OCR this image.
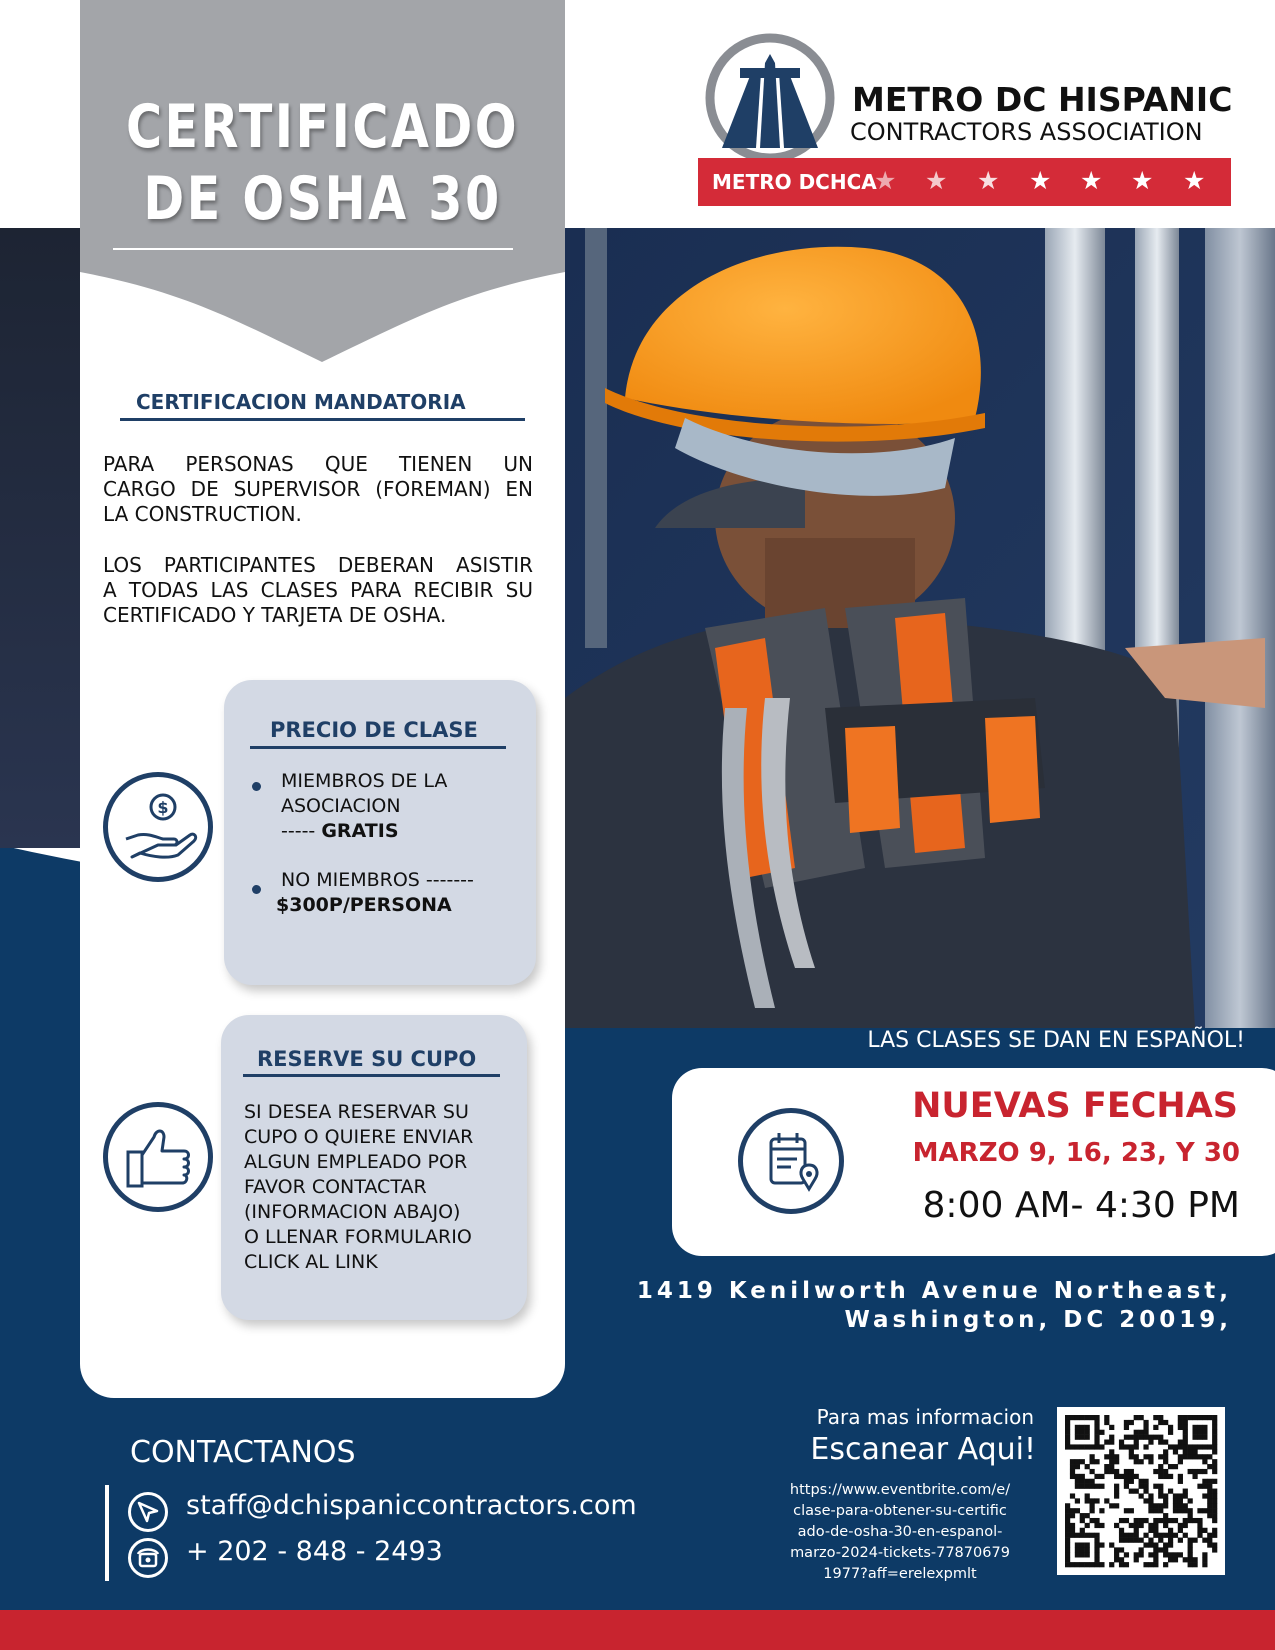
CERTIFICADO
DE OSHA 30
CERTIFICACION MANDATORIA
PARA PERSONAS QUE TIENEN UN
CARGO DE SUPERVISOR (FOREMAN) EN
LA CONSTRUCTION.
LOS PARTICIPANTES DEBERAN ASISTIR
A TODAS LAS CLASES PARA RECIBIR SU
CERTIFICADO Y TARJETA DE OSHA.
PRECIO DE CLASE
MIEMBROS DE LA
ASOCIACION
----- GRATIS
NO MIEMBROS -------
$300P/PERSONA
$
RESERVE SU CUPO
SI DESEA RESERVAR SU
CUPO O QUIERE ENVIAR
ALGUN EMPLEADO POR
FAVOR CONTACTAR
(INFORMACION ABAJO)
O LLENAR FORMULARIO
CLICK AL LINK
METRO DC HISPANIC
CONTRACTORS ASSOCIATION
METRO DCHCA
★ ★ ★ ★ ★ ★ ★
LAS CLASES SE DAN EN ESPAÑOL!
NUEVAS FECHAS
MARZO 9, 16, 23, Y 30
8:00 AM- 4:30 PM
1419 Kenilworth Avenue Northeast,
Washington, DC 20019,
CONTACTANOS
staff@dchispaniccontractors.com
+ 202 - 848 - 2493
Para mas informacion
Escanear Aqui!
https://www.eventbrite.com/e/
clase-para-obtener-su-certific
ado-de-osha-30-en-espanol-
marzo-2024-tickets-77870679
1977?aff=erelexpmlt
